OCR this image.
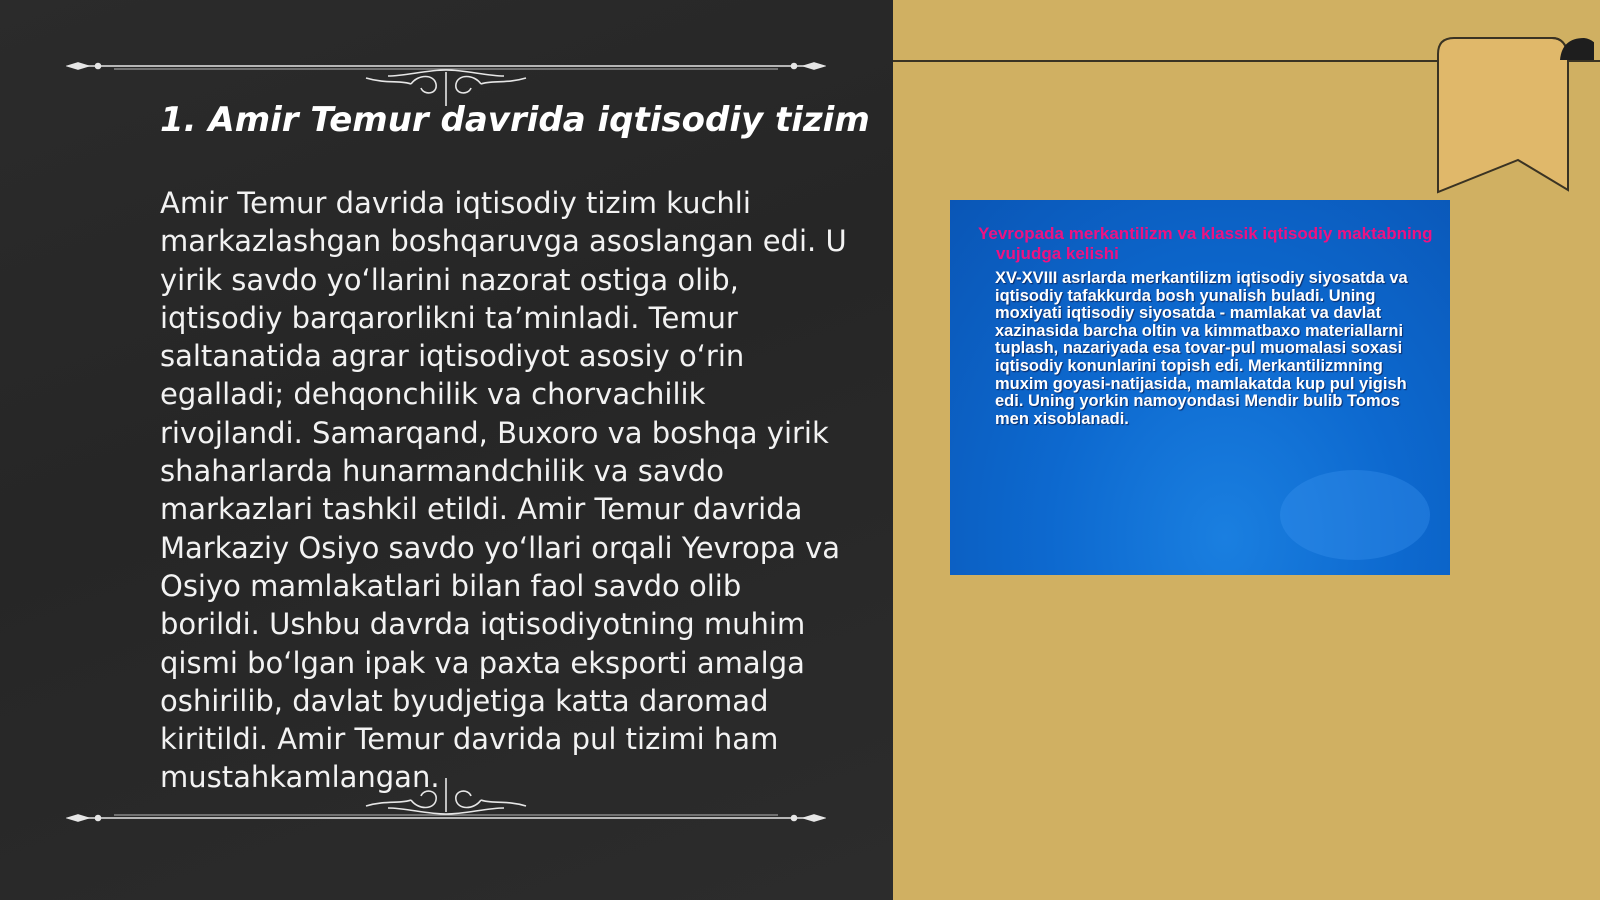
1. Amir Temur davrida iqtisodiy tizim

Amir Temur davrida iqtisodiy tizim kuchli markazlashgan boshqaruvga asoslangan edi. U yirik savdo yo‘llarini nazorat ostiga olib, iqtisodiy barqarorlikni ta’minladi. Temur saltanatida agrar iqtisodiyot asosiy o‘rin egalladi; dehqonchilik va chorvachilik rivojlandi. Samarqand, Buxoro va boshqa yirik shaharlarda hunarmandchilik va savdo markazlari tashkil etildi. Amir Temur davrida Markaziy Osiyo savdo yo‘llari orqali Yevropa va Osiyo mamlakatlari bilan faol savdo olib borildi. Ushbu davrda iqtisodiyotning muhim qismi bo‘lgan ipak va paxta eksporti amalga oshirilib, davlat byudjetiga katta daromad kiritildi. Amir Temur davrida pul tizimi ham mustahkamlangan.

Yevropada merkantilizm va klassik iqtisodiy maktabning vujudga kelishi

XV-XVIII asrlarda merkantilizm iqtisodiy siyosatda va iqtisodiy tafakkurda bosh yunalish buladi. Uning moxiyati iqtisodiy siyosatda - mamlakat va davlat xazinasida barcha oltin va kimmatbaxo materiallarni tuplash, nazariyada esa tovar-pul muomalasi soxasi iqtisodiy konunlarini topish edi. Merkantilizmning muxim goyasi-natijasida, mamlakatda kup pul yigish edi. Uning yorkin namoyondasi Mendir bulib Tomos men xisoblanadi.
